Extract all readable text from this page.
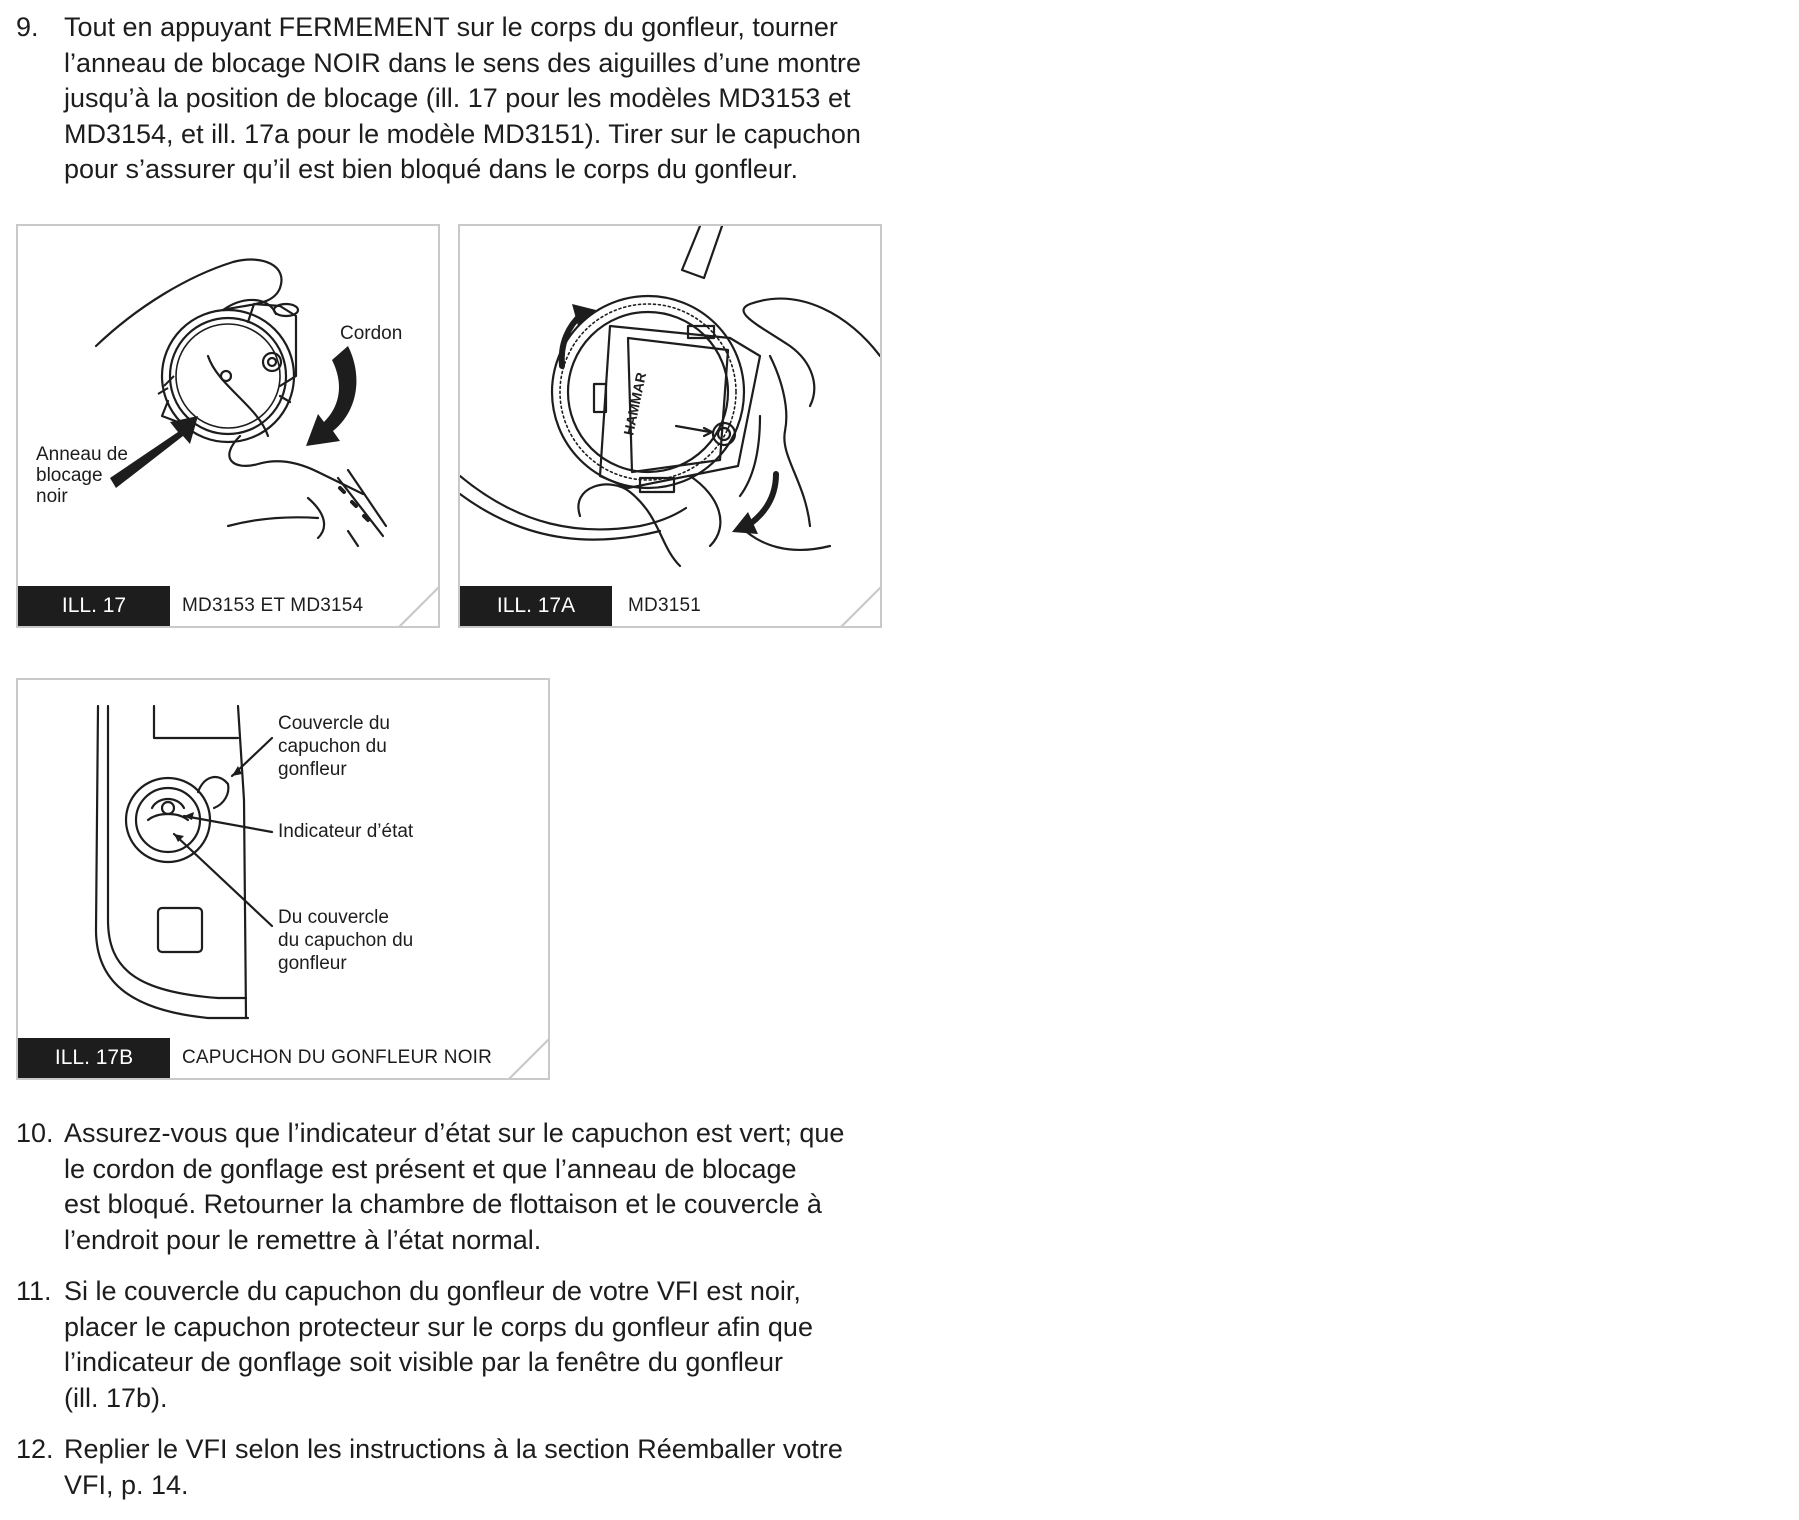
9. Tout en appuyant FERMEMENT sur le corps du gonfleur, tourner
l’anneau de blocage NOIR dans le sens des aiguilles d’une montre
jusqu’à la position de blocage (ill. 17 pour les modèles MD3153 et
MD3154, et ill. 17a pour le modèle MD3151). Tirer sur le capuchon
pour s’assurer qu’il est bien bloqué dans le corps du gonfleur.
Cordon
Anneau de
blocage
noir
ILL. 17	MD3153 ET MD3154
HAMMAR
ILL. 17A	MD3151
Couvercle du
capuchon du
gonfleur
Indicateur d’état
Du couvercle
du capuchon du
gonfleur
ILL. 17B	CAPUCHON DU GONFLEUR NOIR
10. Assurez-vous que l’indicateur d’état sur le capuchon est vert; que
le cordon de gonflage est présent et que l’anneau de blocage
est bloqué. Retourner la chambre de flottaison et le couvercle à
l’endroit pour le remettre à l’état normal.
11. Si le couvercle du capuchon du gonfleur de votre VFI est noir,
placer le capuchon protecteur sur le corps du gonfleur afin que
l’indicateur de gonflage soit visible par la fenêtre du gonfleur
(ill. 17b).
12. Replier le VFI selon les instructions à la section Réemballer votre
VFI, p. 14.
